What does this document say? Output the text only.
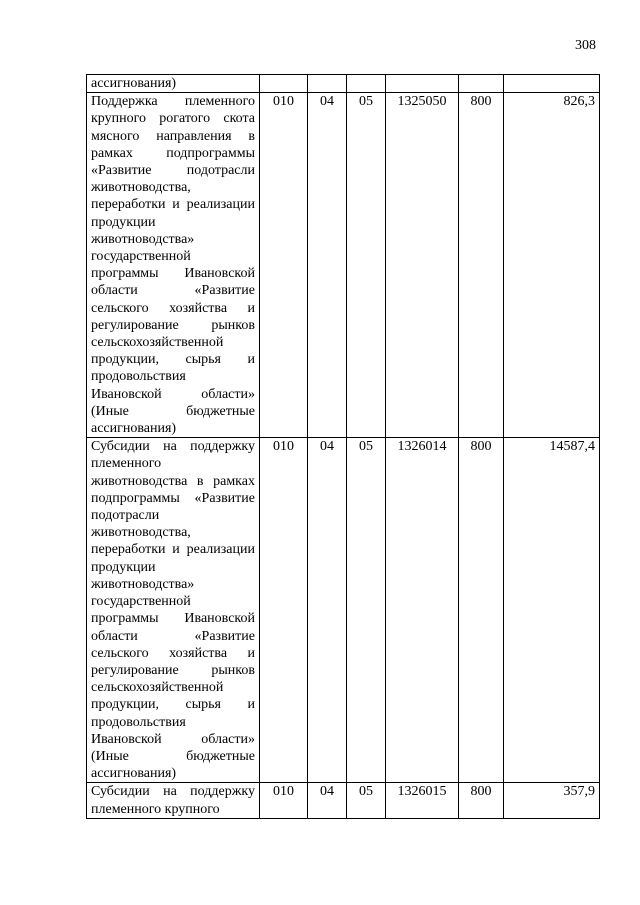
308
ассигнования)						
Поддержка племенного крупного рогатого скота мясного направления в рамках подпрограммы «Развитие подотрасли животноводства, переработки и реализации продукции животноводства» государственной программы Ивановской области «Развитие сельского хозяйства и регулирование рынков сельскохозяйственной продукции, сырья и продовольствия Ивановской области» (Иные бюджетные ассигнования)	010	04	05	1325050	800	826,3
Субсидии на поддержку племенного животноводства в рамках подпрограммы «Развитие подотрасли животноводства, переработки и реализации продукции животноводства» государственной программы Ивановской области «Развитие сельского хозяйства и регулирование рынков сельскохозяйственной продукции, сырья и продовольствия Ивановской области» (Иные бюджетные ассигнования)	010	04	05	1326014	800	14587,4
Субсидии на поддержку племенного крупного	010	04	05	1326015	800	357,9
